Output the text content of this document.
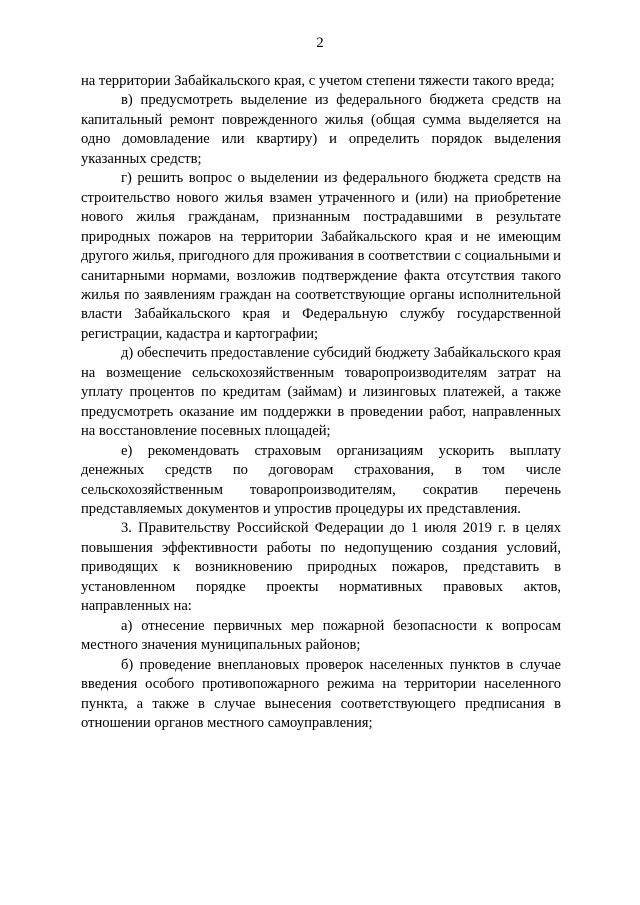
2

на территории Забайкальского края, с учетом степени тяжести такого вреда;

в) предусмотреть выделение из федерального бюджета средств на капитальный ремонт поврежденного жилья (общая сумма выделяется на одно домовладение или квартиру) и определить порядок выделения указанных средств;

г) решить вопрос о выделении из федерального бюджета средств на строительство нового жилья взамен утраченного и (или) на приобретение нового жилья гражданам, признанным пострадавшими в результате природных пожаров на территории Забайкальского края и не имеющим другого жилья, пригодного для проживания в соответствии с социальными и санитарными нормами, возложив подтверждение факта отсутствия такого жилья по заявлениям граждан на соответствующие органы исполнительной власти Забайкальского края и Федеральную службу государственной регистрации, кадастра и картографии;

д) обеспечить предоставление субсидий бюджету Забайкальского края на возмещение сельскохозяйственным товаропроизводителям затрат на уплату процентов по кредитам (займам) и лизинговых платежей, а также предусмотреть оказание им поддержки в проведении работ, направленных на восстановление посевных площадей;

е) рекомендовать страховым организациям ускорить выплату денежных средств по договорам страхования, в том числе сельскохозяйственным товаропроизводителям, сократив перечень представляемых документов и упростив процедуры их представления.

3. Правительству Российской Федерации до 1 июля 2019 г. в целях повышения эффективности работы по недопущению создания условий, приводящих к возникновению природных пожаров, представить в установленном порядке проекты нормативных правовых актов, направленных на:

а) отнесение первичных мер пожарной безопасности к вопросам местного значения муниципальных районов;

б) проведение внеплановых проверок населенных пунктов в случае введения особого противопожарного режима на территории населенного пункта, а также в случае вынесения соответствующего предписания в отношении органов местного самоуправления;
